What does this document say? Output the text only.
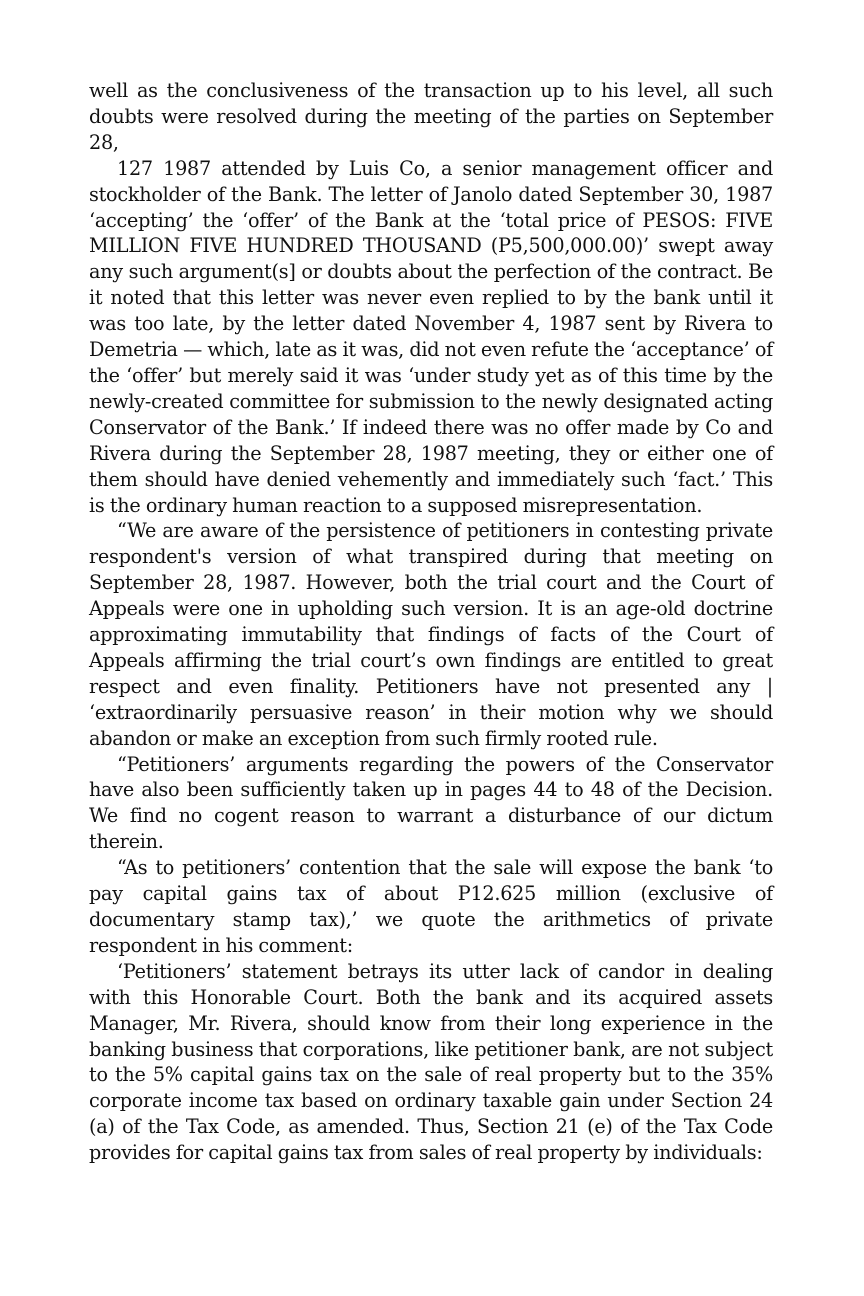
well as the conclusiveness of the transaction up to his level, all such doubts were resolved during the meeting of the parties on September 28,

127 1987 attended by Luis Co, a senior management officer and stockholder of the Bank. The letter of Janolo dated September 30, 1987 ‘accepting’ the ‘offer’ of the Bank at the ‘total price of PESOS: FIVE MILLION FIVE HUNDRED THOUSAND (P5,500,000.00)’ swept away any such argument(s] or doubts about the perfection of the contract. Be it noted that this letter was never even replied to by the bank until it was too late, by the letter dated November 4, 1987 sent by Rivera to Demetria — which, late as it was, did not even refute the ‘acceptance’ of the ‘offer’ but merely said it was ‘under study yet as of this time by the newly-created committee for submission to the newly designated acting Conservator of the Bank.’ If indeed there was no offer made by Co and Rivera during the September 28, 1987 meeting, they or either one of them should have denied vehemently and immediately such ‘fact.’ This is the ordinary human reaction to a supposed misrepresentation.

“We are aware of the persistence of petitioners in contesting private respondent's version of what transpired during that meeting on September 28, 1987. However, both the trial court and the Court of Appeals were one in upholding such version. It is an age-old doctrine approximating immutability that findings of facts of the Court of Appeals affirming the trial court’s own findings are entitled to great respect and even finality. Petitioners have not presented any | ‘extraordinarily persuasive reason’ in their motion why we should abandon or make an exception from such firmly rooted rule.

“Petitioners’ arguments regarding the powers of the Conservator have also been sufficiently taken up in pages 44 to 48 of the Decision. We find no cogent reason to warrant a disturbance of our dictum therein.

“As to petitioners’ contention that the sale will expose the bank ‘to pay capital gains tax of about P12.625 million (exclusive of documentary stamp tax),’ we quote the arithmetics of private respondent in his comment:

‘Petitioners’ statement betrays its utter lack of candor in dealing with this Honorable Court. Both the bank and its acquired assets Manager, Mr. Rivera, should know from their long experience in the banking business that corporations, like petitioner bank, are not subject to the 5% capital gains tax on the sale of real property but to the 35% corporate income tax based on ordinary taxable gain under Section 24 (a) of the Tax Code, as amended. Thus, Section 21 (e) of the Tax Code provides for capital gains tax from sales of real property by individuals:
